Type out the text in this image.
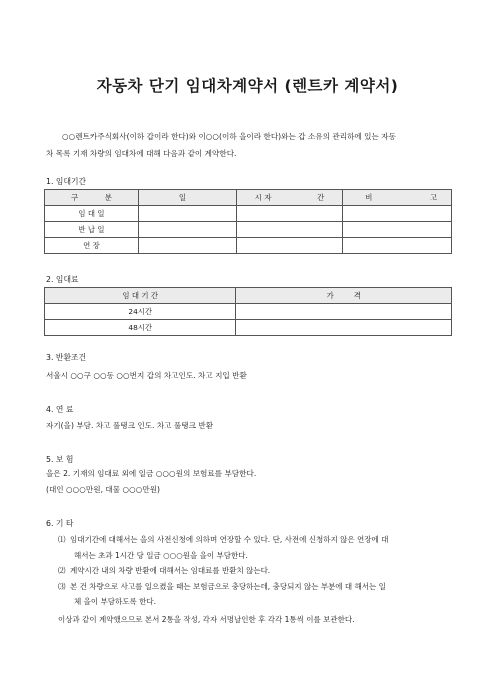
자동차 단기 임대차계약서 (렌트카 계약서)
○○렌트카주식회사(이하 갑이라 한다)와 이○○(이하 을이라 한다)와는 갑 소유의 관리하에 있는 자동
차 목록 기재 차량의 임대차에 대해 다음과 같이 계약한다.
1. 임대기간
구 분	일 자	시 간	비 고

임 대 일			
반 납 일			
연 장			
2. 임대료
임 대 기 간	가격
24시간	
48시간	
3. 반환조건
서울시 ○○구 ○○동 ○○번지 갑의 차고인도. 차고 지입 반환
4. 연 료
자기(을) 부담. 차고 풀탱크 인도. 차고 풀탱크 반환
5. 보 험
을은 2. 기재의 임대료 외에 일금 ○○○원의 보험료를 부담한다.
(대인 ○○○만원, 대물 ○○○만원)
6. 기 타
⑴ 임대기간에 대해서는 을의 사전신청에 의하며 연장할 수 있다. 단, 사전에 신청하지 않은 연장에 대
해서는 초과 1시간 당 일금 ○○○원을 을이 부담한다.
⑵ 계약시간 내의 차량 반환에 대해서는 임대료를 반환치 않는다.
⑶ 본 건 차량으로 사고를 일으켰을 때는 보험금으로 충당하는데, 충당되지 않는 부분에 대 해서는 일
체 을이 부담하도록 한다.
이상과 같이 계약했으므로 본서 2통을 작성, 각자 서명날인한 후 각각 1통씩 이를 보관한다.
